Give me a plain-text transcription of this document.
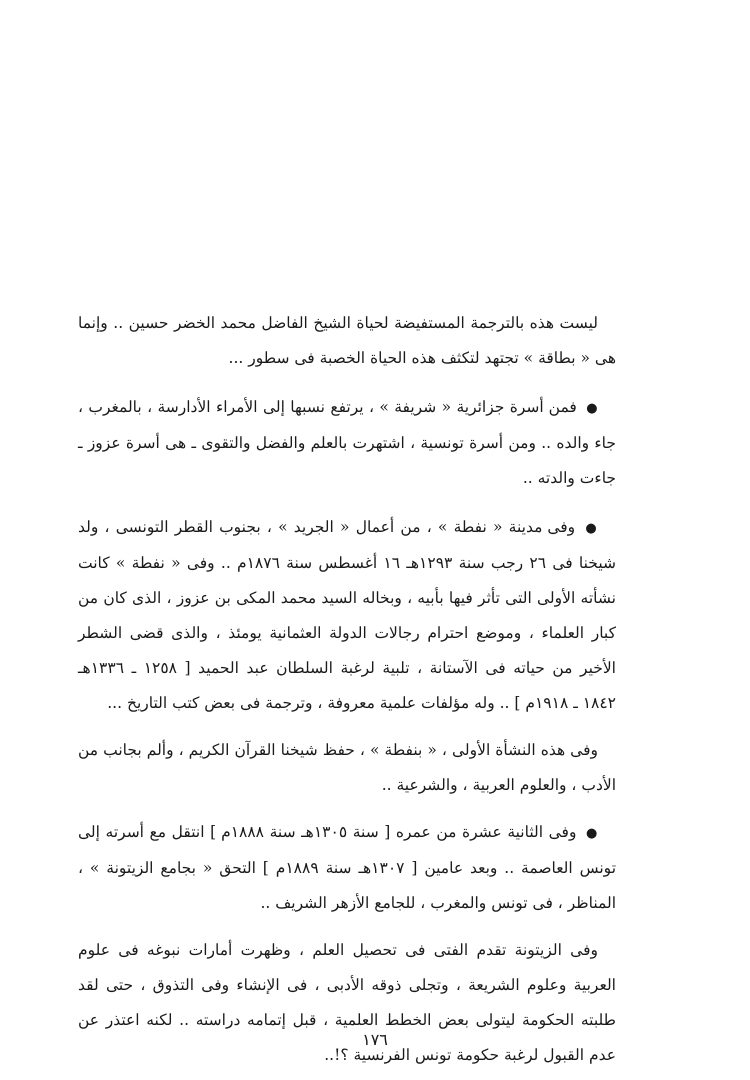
ليست هذه بالترجمة المستفيضة لحياة الشيخ الفاضل محمد الخضر حسين .. وإنما هى « بطاقة » تجتهد لتكثف هذه الحياة الخصبة فى سطور ...

● فمن أسرة جزائرية « شريفة » ، يرتفع نسبها إلى الأمراء الأدارسة ، بالمغرب ، جاء والده .. ومن أسرة تونسية ، اشتهرت بالعلم والفضل والتقوى ـ هى أسرة عزوز ـ جاءت والدته ..

● وفى مدينة « نفطة » ، من أعمال « الجريد » ، بجنوب القطر التونسى ، ولد شيخنا فى ٢٦ رجب سنة ١٢٩٣هـ ١٦ أغسطس سنة ١٨٧٦م .. وفى « نفطة » كانت نشأته الأولى التى تأثر فيها بأبيه ، وبخاله السيد محمد المكى بن عزوز ، الذى كان من كبار العلماء ، وموضع احترام رجالات الدولة العثمانية يومئذ ، والذى قضى الشطر الأخير من حياته فى الآستانة ، تلبية لرغبة السلطان عبد الحميد [ ١٢٥٨ ـ ١٣٣٦هـ ١٨٤٢ ـ ١٩١٨م ] .. وله مؤلفات علمية معروفة ، وترجمة فى بعض كتب التاريخ ...

وفى هذه النشأة الأولى ، « بنفطة » ، حفظ شيخنا القرآن الكريم ، وألم بجانب من الأدب ، والعلوم العربية ، والشرعية ..

● وفى الثانية عشرة من عمره [ سنة ١٣٠٥هـ سنة ١٨٨٨م ] انتقل مع أسرته إلى تونس العاصمة .. وبعد عامين [ ١٣٠٧هـ سنة ١٨٨٩م ] التحق « بجامع الزيتونة » ، المناظر ، فى تونس والمغرب ، للجامع الأزهر الشريف ..

وفى الزيتونة تقدم الفتى فى تحصيل العلم ، وظهرت أمارات نبوغه فى علوم العربية وعلوم الشريعة ، وتجلى ذوقه الأدبى ، فى الإنشاء وفى التذوق ، حتى لقد طلبته الحكومة ليتولى بعض الخطط العلمية ، قبل إتمامه دراسته .. لكنه اعتذر عن عدم القبول لرغبة حكومة تونس الفرنسية ؟!..

١٧٦
